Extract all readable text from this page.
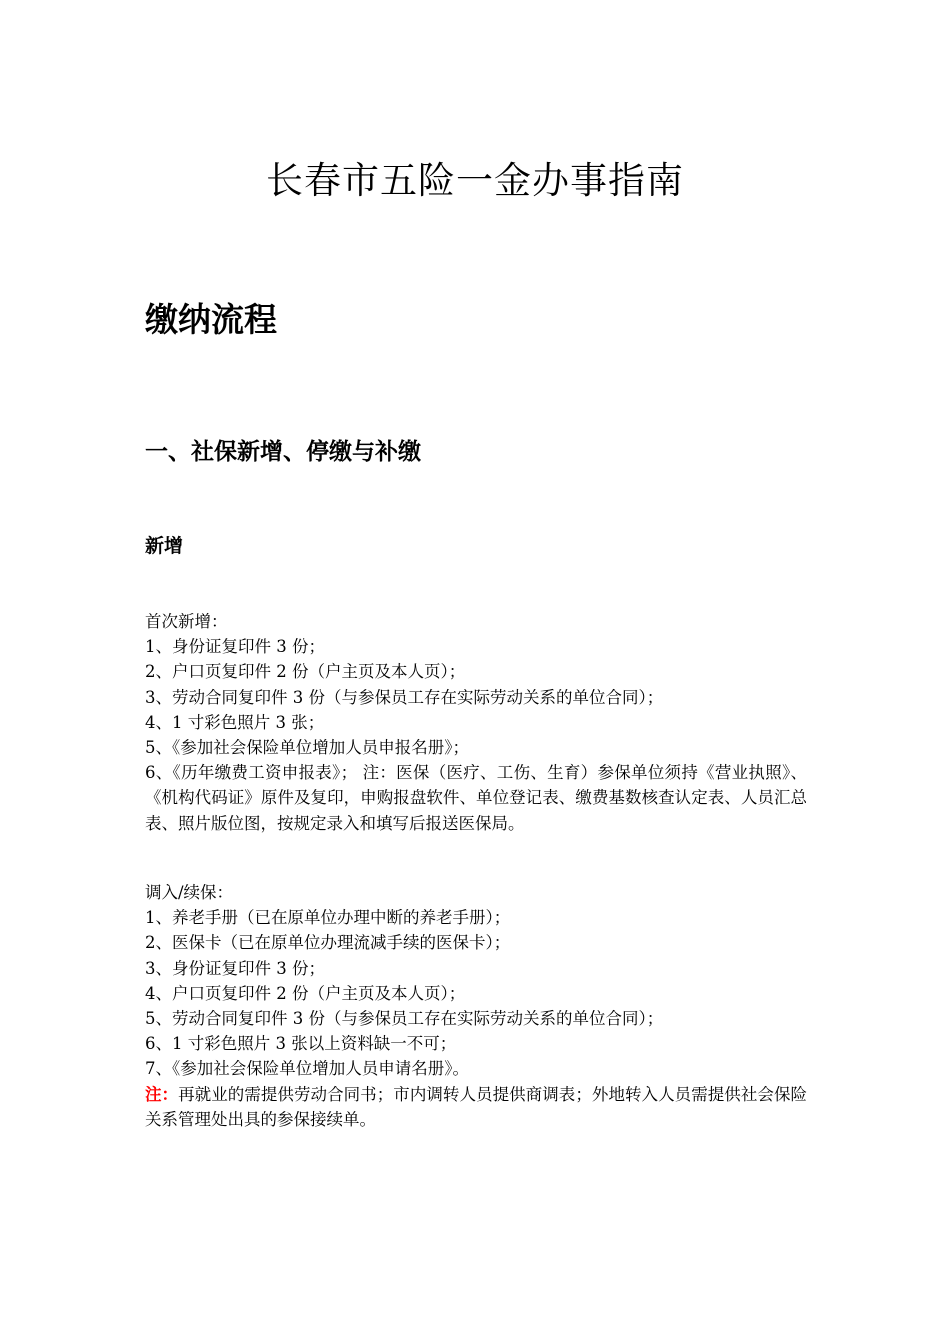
长春市五险一金办事指南
缴纳流程
一、社保新增、停缴与补缴
新增
首次新增：
1、身份证复印件 3 份；
2、户口页复印件 2 份（户主页及本人页）；
3、劳动合同复印件 3 份（与参保员工存在实际劳动关系的单位合同）；
4、1 寸彩色照片 3 张；
5、《参加社会保险单位增加人员申报名册》；
6、《历年缴费工资申报表》； 注：医保（医疗、工伤、生育）参保单位须持《营业执照》、《机构代码证》原件及复印，申购报盘软件、单位登记表、缴费基数核查认定表、人员汇总表、照片版位图，按规定录入和填写后报送医保局。
调入/续保：
1、养老手册（已在原单位办理中断的养老手册）；
2、医保卡（已在原单位办理流减手续的医保卡）；
3、身份证复印件 3 份；
4、户口页复印件 2 份（户主页及本人页）；
5、劳动合同复印件 3 份（与参保员工存在实际劳动关系的单位合同）；
6、1 寸彩色照片 3 张以上资料缺一不可；
7、《参加社会保险单位增加人员申请名册》。
注：再就业的需提供劳动合同书；市内调转人员提供商调表；外地转入人员需提供社会保险关系管理处出具的参保接续单。
